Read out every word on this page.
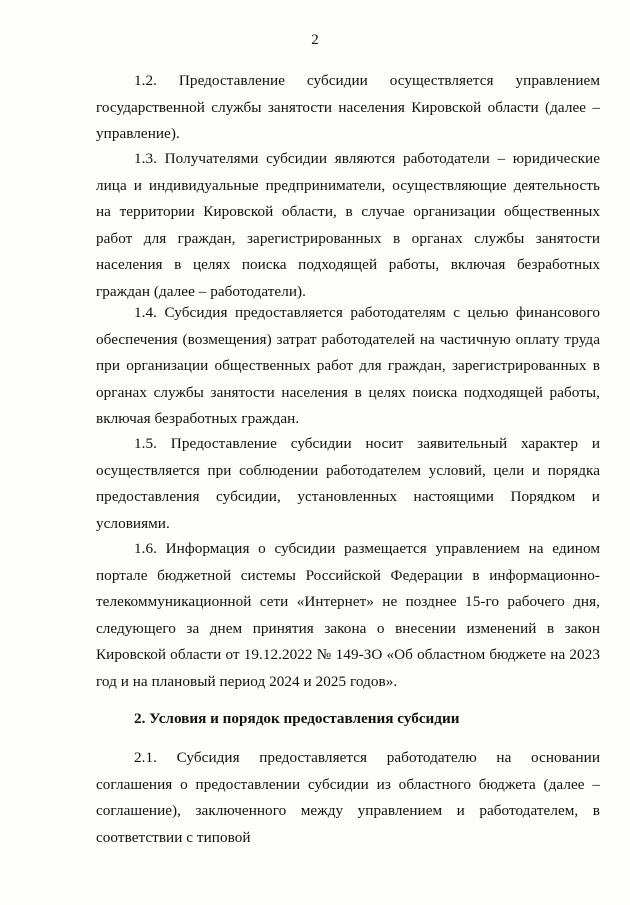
2

1.2. Предоставление субсидии осуществляется управлением государственной службы занятости населения Кировской области (далее – управление).

1.3. Получателями субсидии являются работодатели – юридические лица и индивидуальные предприниматели, осуществляющие деятельность на территории Кировской области, в случае организации общественных работ для граждан, зарегистрированных в органах службы занятости населения в целях поиска подходящей работы, включая безработных граждан (далее – работодатели).

1.4. Субсидия предоставляется работодателям с целью финансового обеспечения (возмещения) затрат работодателей на частичную оплату труда при организации общественных работ для граждан, зарегистрированных в органах службы занятости населения в целях поиска подходящей работы, включая безработных граждан.

1.5. Предоставление субсидии носит заявительный характер и осуществляется при соблюдении работодателем условий, цели и порядка предоставления субсидии, установленных настоящими Порядком и условиями.

1.6. Информация о субсидии размещается управлением на едином портале бюджетной системы Российской Федерации в информационно-телекоммуникационной сети «Интернет» не позднее 15-го рабочего дня, следующего за днем принятия закона о внесении изменений в закон Кировской области от 19.12.2022 № 149-ЗО «Об областном бюджете на 2023 год и на плановый период 2024 и 2025 годов».

2. Условия и порядок предоставления субсидии

2.1. Субсидия предоставляется работодателю на основании соглашения о предоставлении субсидии из областного бюджета (далее – соглашение), заключенного между управлением и работодателем, в соответствии с типовой
